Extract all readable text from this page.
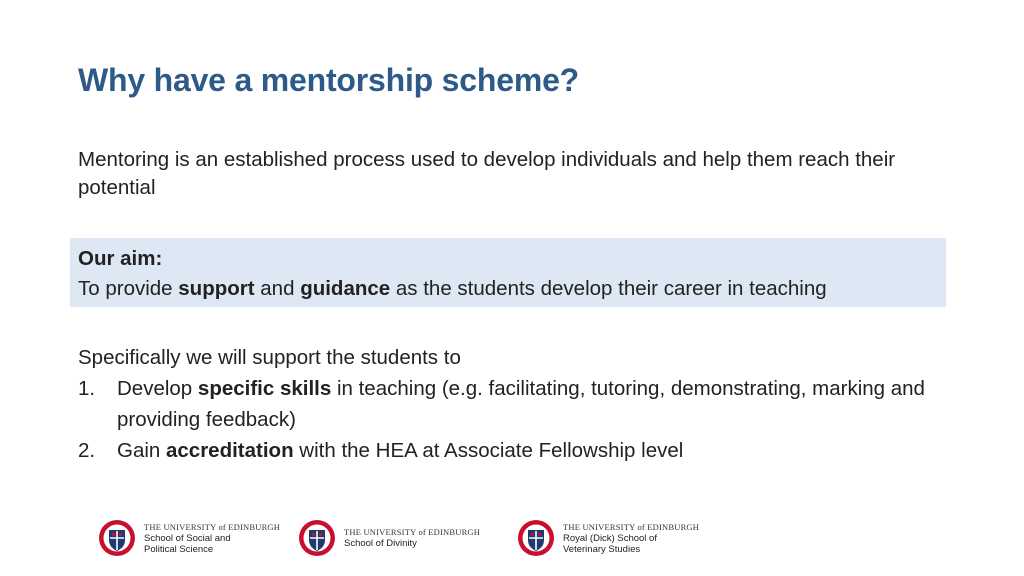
Why have a mentorship scheme?
Mentoring is an established process used to develop individuals and help them reach their potential
Our aim:
To provide support and guidance as the students develop their career in teaching
Specifically we will support the students to
1. Develop specific skills in teaching (e.g. facilitating, tutoring, demonstrating, marking and providing feedback)
2. Gain accreditation with the HEA at Associate Fellowship level
THE UNIVERSITY of EDINBURGH
School of Social and
Political Science
THE UNIVERSITY of EDINBURGH
School of Divinity
THE UNIVERSITY of EDINBURGH
Royal (Dick) School of
Veterinary Studies
